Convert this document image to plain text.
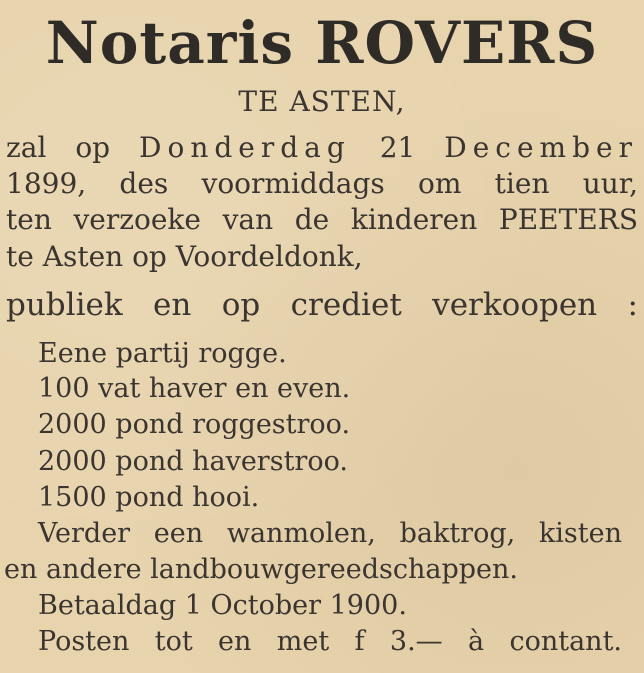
Notaris ROVERS
TE ASTEN,
zal op Donderdag 21 December
1899, des voormiddags om tien uur,
ten verzoeke van de kinderen PEETERS
te Asten op Voordeldonk,
publiek en op crediet verkoopen :
Eene partij rogge.
100 vat haver en even.
2000 pond roggestroo.
2000 pond haverstroo.
1500 pond hooi.
Verder een wanmolen, baktrog, kisten
en andere landbouwgereedschappen.
Betaaldag 1 October 1900.
Posten tot en met f 3.— à contant.
